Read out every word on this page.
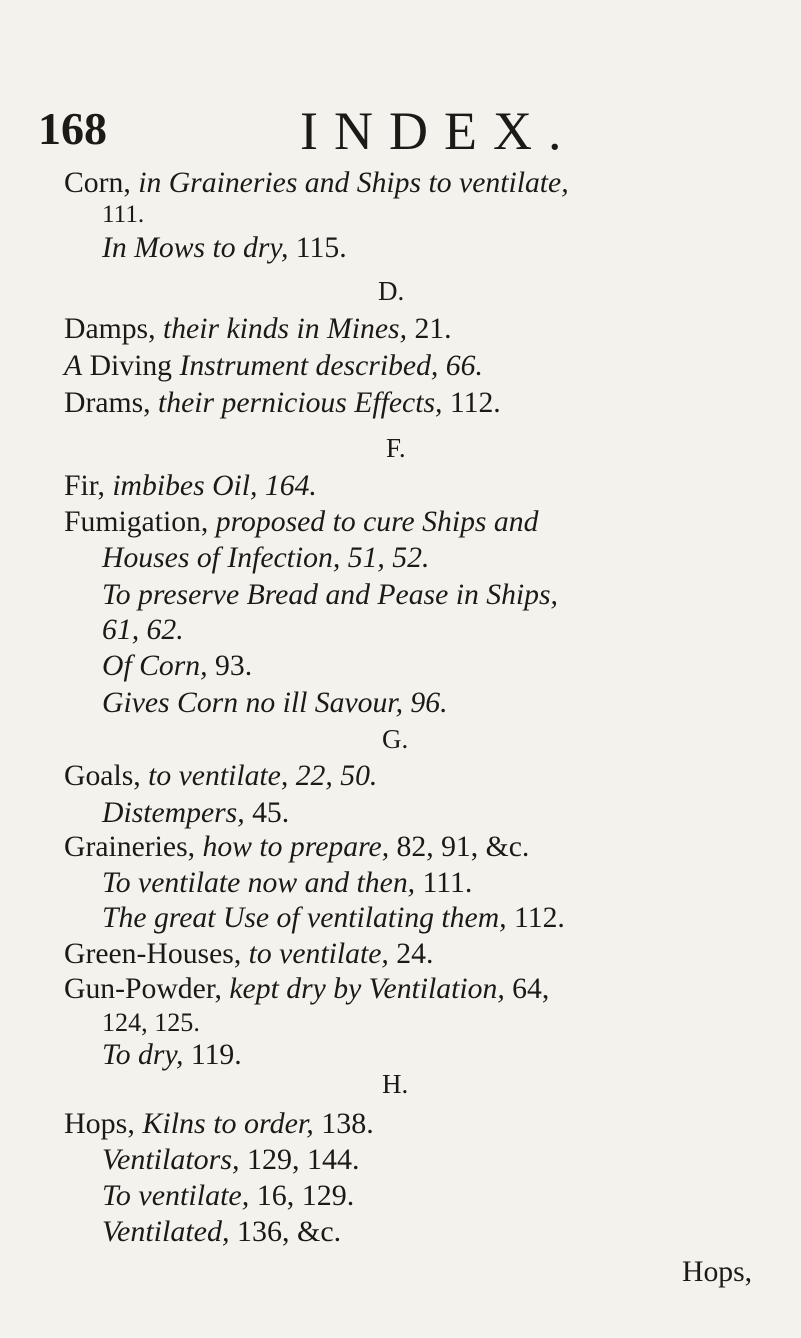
168	INDEX.
Corn, in Graineries and Ships to ventilate,
111.
In Mows to dry, 115.
D.
Damps, their kinds in Mines, 21.
A Diving Instrument described, 66.
Drams, their pernicious Effects, 112.
F.
Fir, imbibes Oil, 164.
Fumigation, proposed to cure Ships and
Houses of Infection, 51, 52.
To preserve Bread and Pease in Ships,
61, 62.
Of Corn, 93.
Gives Corn no ill Savour, 96.
G.
Goals, to ventilate, 22, 50.
Distempers, 45.
Graineries, how to prepare, 82, 91, &c.
To ventilate now and then, 111.
The great Use of ventilating them, 112.
Green-Houses, to ventilate, 24.
Gun-Powder, kept dry by Ventilation, 64,
124, 125.
To dry, 119.
Hops,
H.
Hops, Kilns to order, 138.
Ventilators, 129, 144.
To ventilate, 16, 129.
Ventilated, 136, &c.
